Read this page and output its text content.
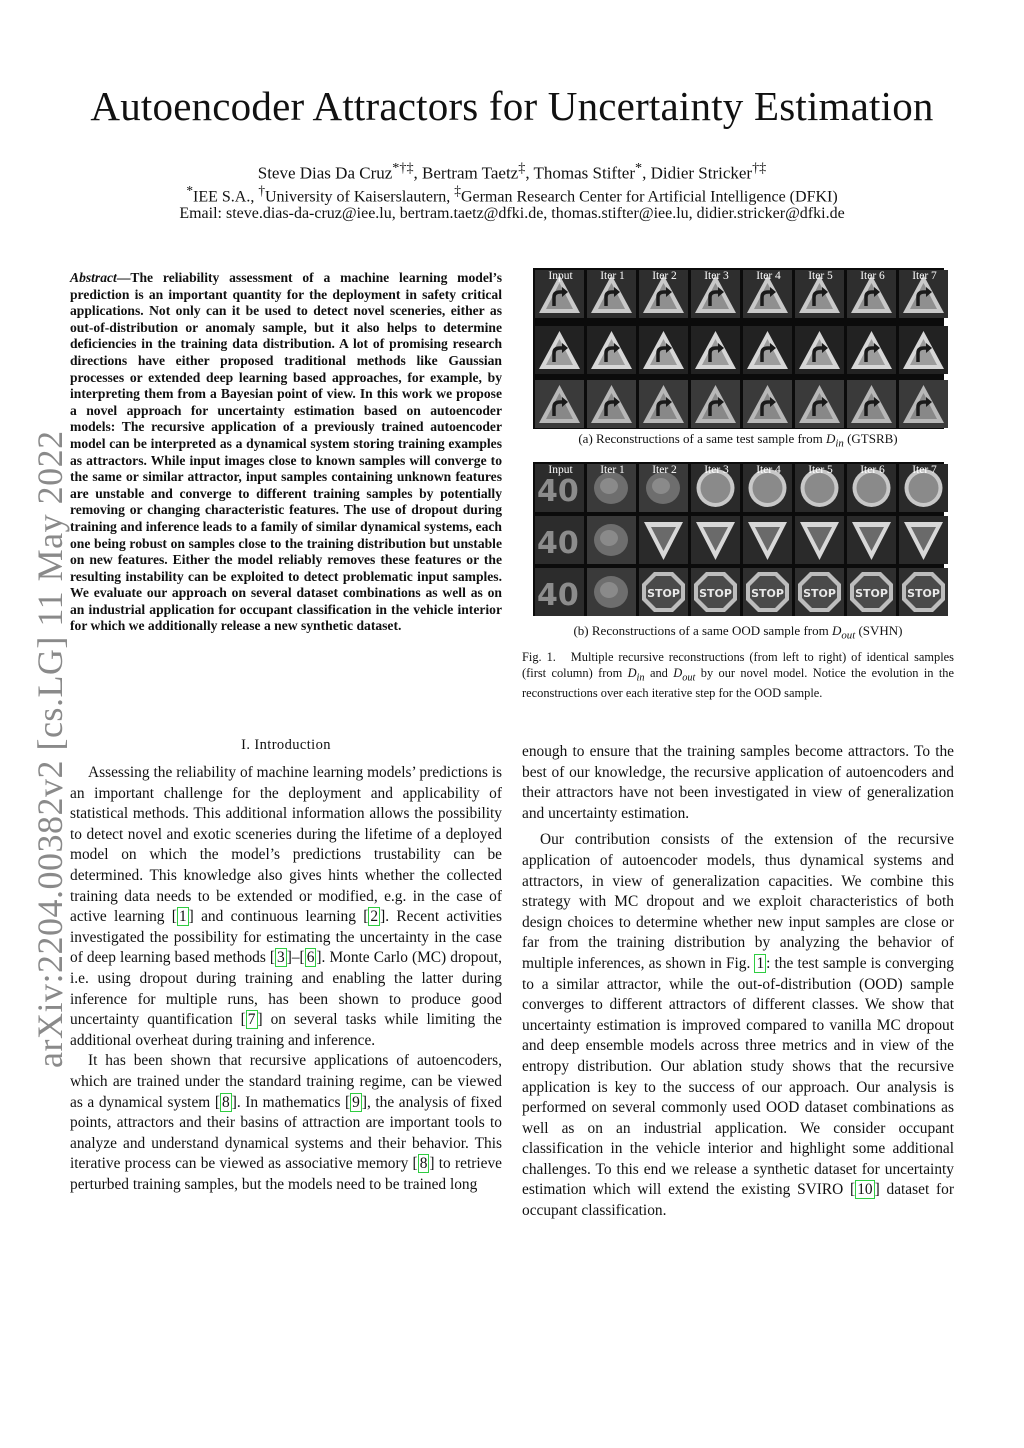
Autoencoder Attractors for Uncertainty Estimation
Steve Dias Da Cruz*†‡, Bertram Taetz‡, Thomas Stifter*, Didier Stricker†‡
*IEE S.A., †University of Kaiserslautern, ‡German Research Center for Artificial Intelligence (DFKI)
Email: steve.dias-da-cruz@iee.lu, bertram.taetz@dfki.de, thomas.stifter@iee.lu, didier.stricker@dfki.de
arXiv:2204.00382v2 [cs.LG] 11 May 2022
Abstract—The reliability assessment of a machine learning model’s prediction is an important quantity for the deployment in safety critical applications. Not only can it be used to detect novel sceneries, either as out-of-distribution or anomaly sample, but it also helps to determine deficiencies in the training data distribution. A lot of promising research directions have either proposed traditional methods like Gaussian processes or extended deep learning based approaches, for example, by interpreting them from a Bayesian point of view. In this work we propose a novel approach for uncertainty estimation based on autoencoder models: The recursive application of a previously trained autoencoder model can be interpreted as a dynamical system storing training examples as attractors. While input images close to known samples will converge to the same or similar attractor, input samples containing unknown features are unstable and converge to different training samples by potentially removing or changing characteristic features. The use of dropout during training and inference leads to a family of similar dynamical systems, each one being robust on samples close to the training distribution but unstable on new features. Either the model reliably removes these features or the resulting instability can be exploited to detect problematic input samples. We evaluate our approach on several dataset combinations as well as on an industrial application for occupant classification in the vehicle interior for which we additionally release a new synthetic dataset.
I. Introduction

Assessing the reliability of machine learning models’ predictions is an important challenge for the deployment and applicability of statistical methods. This additional information allows the possibility to detect novel and exotic sceneries during the lifetime of a deployed model on which the model’s predictions trustability can be determined. This knowledge also gives hints whether the collected training data needs to be extended or modified, e.g. in the case of active learning [ 1 ] and continuous learning [ 2 ]. Recent activities investigated the possibility for estimating the uncertainty in the case of deep learning based methods [ 3 ]–[ 6 ]. Monte Carlo (MC) dropout, i.e. using dropout during training and enabling the latter during inference for multiple runs, has been shown to produce good uncertainty quantification [ 7 ] on several tasks while limiting the additional overheat during training and inference.

It has been shown that recursive applications of autoencoders, which are trained under the standard training regime, can be viewed as a dynamical system [ 8 ]. In mathematics [ 9 ], the analysis of fixed points, attractors and their basins of attraction are important tools to analyze and understand dynamical systems and their behavior. This iterative process can be viewed as associative memory [ 8 ] to retrieve perturbed training samples, but the models need to be trained long

enough to ensure that the training samples become attractors. To the best of our knowledge, the recursive application of autoencoders and their attractors have not been investigated in view of generalization and uncertainty estimation.

Our contribution consists of the extension of the recursive application of autoencoder models, thus dynamical systems and attractors, in view of generalization capacities. We combine this strategy with MC dropout and we exploit characteristics of both design choices to determine whether new input samples are close or far from the training distribution by analyzing the behavior of multiple inferences, as shown in Fig. 1 : the test sample is converging to a similar attractor, while the out-of-distribution (OOD) sample converges to different attractors of different classes. We show that uncertainty estimation is improved compared to vanilla MC dropout and deep ensemble models across three metrics and in view of the entropy distribution. Our ablation study shows that the recursive application is key to the success of our approach. Our analysis is performed on several commonly used OOD dataset combinations as well as on an industrial application. We consider occupant classification in the vehicle interior and highlight some additional challenges. To this end we release a synthetic dataset for uncertainty estimation which will extend the existing SVIRO [ 10 ] dataset for occupant classification.

Input	Iter 1	Iter 2	Iter 3	Iter 4	Iter 5	Iter 6	Iter 7
(a) Reconstructions of a same test sample from $D_{in}$ (GTSRB)
40
40
40	STOP STOP STOP STOP STOP STOP
Input	Iter 1	Iter 2	Iter 3	Iter 4	Iter 5	Iter 6	Iter 7
(b) Reconstructions of a same OOD sample from $D_{out}$ (SVHN)
Fig. 1.   Multiple recursive reconstructions (from left to right) of identical samples (first column) from $D_{in}$ and $D_{out}$ by our novel model. Notice the evolution in the reconstructions over each iterative step for the OOD sample.
